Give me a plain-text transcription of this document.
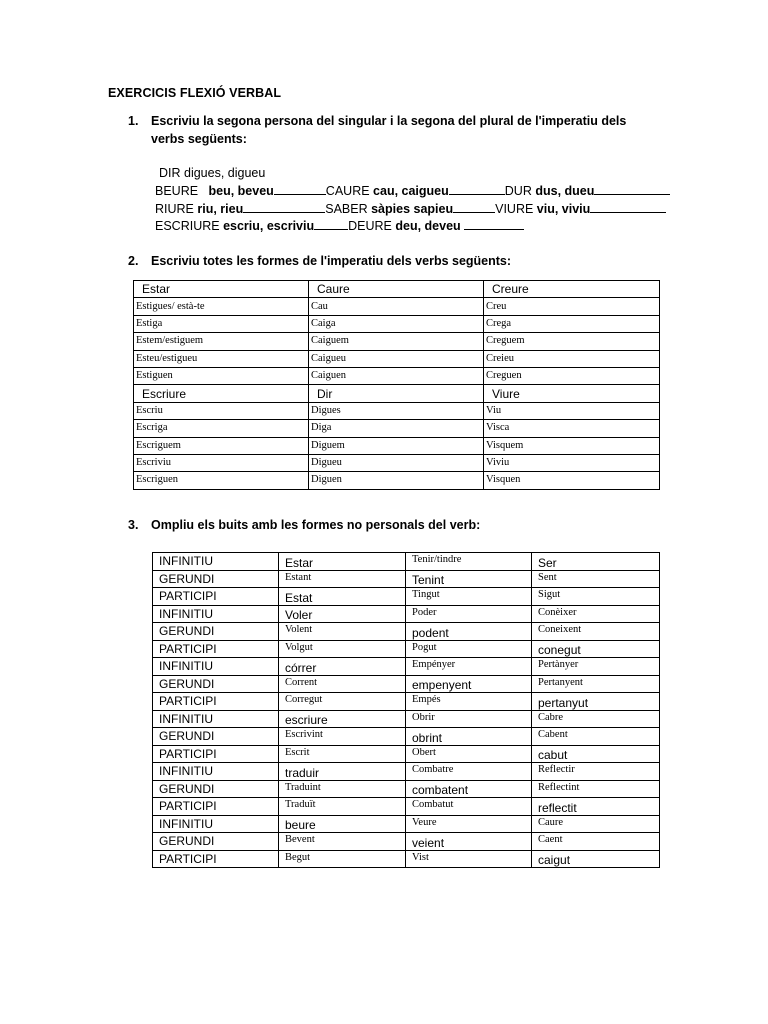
EXERCICIS FLEXIÓ VERBAL
1. Escriviu la segona persona del singular i la segona del plural de l'imperatiu dels verbs següents:
DIR digues, digueu
BEURE beu, beveu	CAURE cau, caigueu	DUR dus, dueu
RIURE riu, rieu	SABER sàpies sapieu	VIURE viu, viviu
ESCRIURE escriu, escriviu	DEURE deu, deveu
2. Escriviu totes les formes de l'imperatiu dels verbs següents:
Estar	Caure	Creure
Estigues/ està-te	Cau	Creu
Estiga	Caiga	Crega
Estem/estiguem	Caiguem	Creguem
Esteu/estigueu	Caigueu	Creieu
Estiguen	Caiguen	Creguen
Escriure	Dir	Viure
Escriu	Digues	Viu
Escriga	Diga	Visca
Escriguem	Diguem	Visquem
Escriviu	Digueu	Viviu
Escriguen	Diguen	Visquen
3. Ompliu els buits amb les formes no personals del verb:
INFINITIU	Estar	Tenir/tindre	Ser
GERUNDI	Estant	Tenint	Sent
PARTICIPI	Estat	Tingut	Sigut
INFINITIU	Voler	Poder	Conèixer
GERUNDI	Volent	podent	Coneixent
PARTICIPI	Volgut	Pogut	conegut
INFINITIU	córrer	Empényer	Pertànyer
GERUNDI	Corrent	empenyent	Pertanyent
PARTICIPI	Corregut	Empés	pertanyut
INFINITIU	escriure	Obrir	Cabre
GERUNDI	Escrivint	obrint	Cabent
PARTICIPI	Escrit	Obert	cabut
INFINITIU	traduir	Combatre	Reflectir
GERUNDI	Traduint	combatent	Reflectint
PARTICIPI	Traduït	Combatut	reflectit
INFINITIU	beure	Veure	Caure
GERUNDI	Bevent	veient	Caent
PARTICIPI	Begut	Vist	caigut
